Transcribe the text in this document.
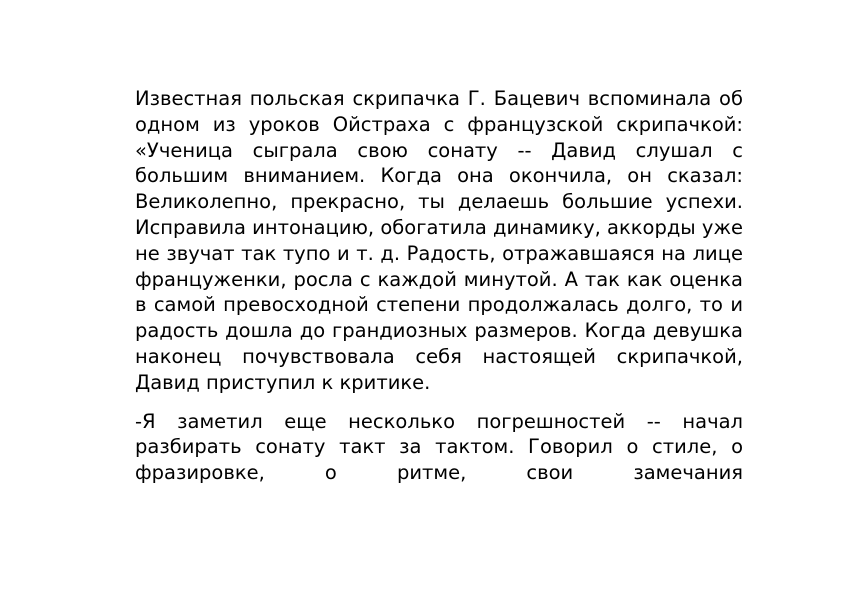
Известная польская скрипачка Г. Бацевич вспоминала об одном из уроков Ойстраха с французской скрипачкой: «Ученица сыграла свою сонату -- Давид слушал с большим вниманием. Когда она окончила, он сказал: Великолепно, прекрасно, ты делаешь большие успехи. Исправила интонацию, обогатила динамику, аккорды уже не звучат так тупо и т. д. Радость, отражавшаяся на лице француженки, росла с каждой минутой. А так как оценка в самой превосходной степени продолжалась долго, то и радость дошла до грандиозных размеров. Когда девушка наконец почувствовала себя настоящей скрипачкой, Давид приступил к критике.

-Я заметил еще несколько погрешностей -- начал разбирать сонату такт за тактом. Говорил о стиле, о фразировке, о ритме, свои замечания
